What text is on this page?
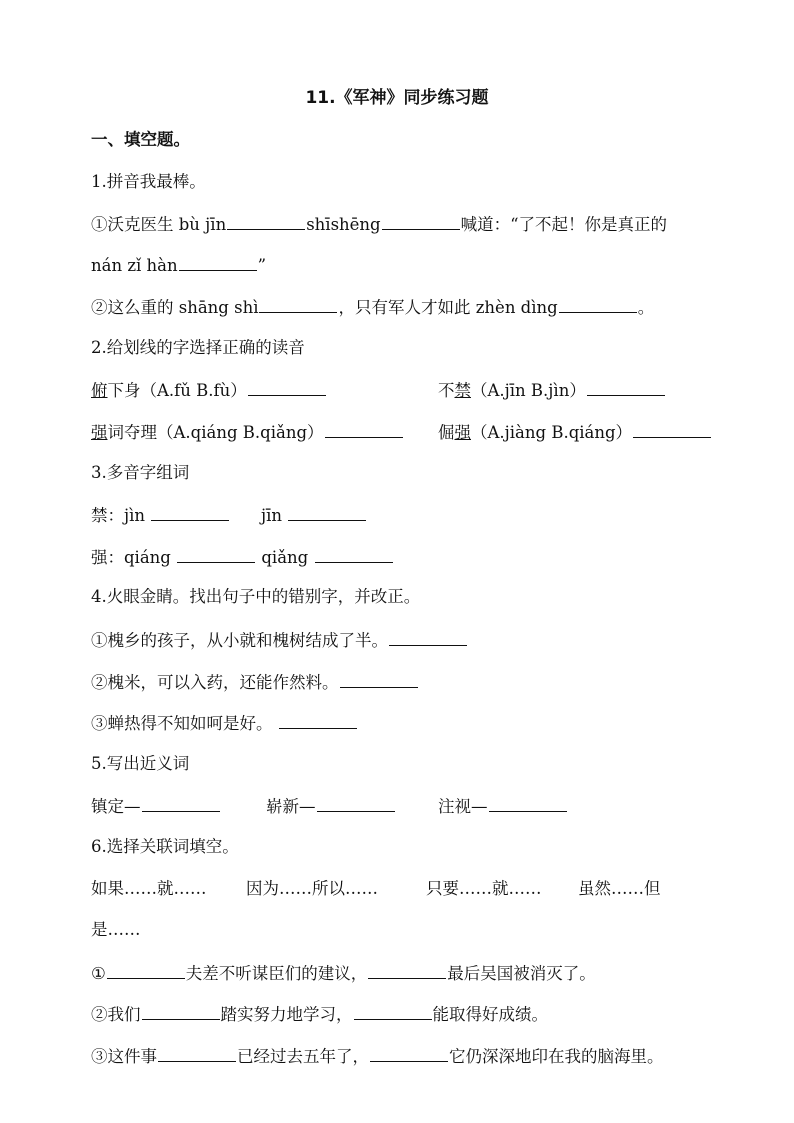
11.《军神》同步练习题
一、填空题。
1.拼音我最棒。
①沃克医生 bù jīn	shīshēng	喊道：“了不起！你是真正的
nán zǐ hàn	”
②这么重的 shāng shì	，只有军人才如此 zhèn dìng	。
2.给划线的字选择正确的读音
俯下身（A.fǔ B.fù）	不禁（A.jīn B.jìn）
强词夺理（A.qiáng B.qiǎng）	倔强（A.jiàng B.qiáng）
3.多音字组词
禁：jìn	jīn
强：qiáng	qiǎng
4.火眼金睛。找出句子中的错别字，并改正。
①槐乡的孩子，从小就和槐树结成了半。
②槐米，可以入药，还能作然料。
③蝉热得不知如呵是好。
5.写出近义词
镇定—	崭新—	注视—
6.选择关联词填空。
如果……就…… 因为……所以……	只要……就…… 虽然……但
是……
①	夫差不听谋臣们的建议，	最后吴国被消灭了。
②我们	踏实努力地学习，	能取得好成绩。
③这件事	已经过去五年了，	它仍深深地印在我的脑海里。
